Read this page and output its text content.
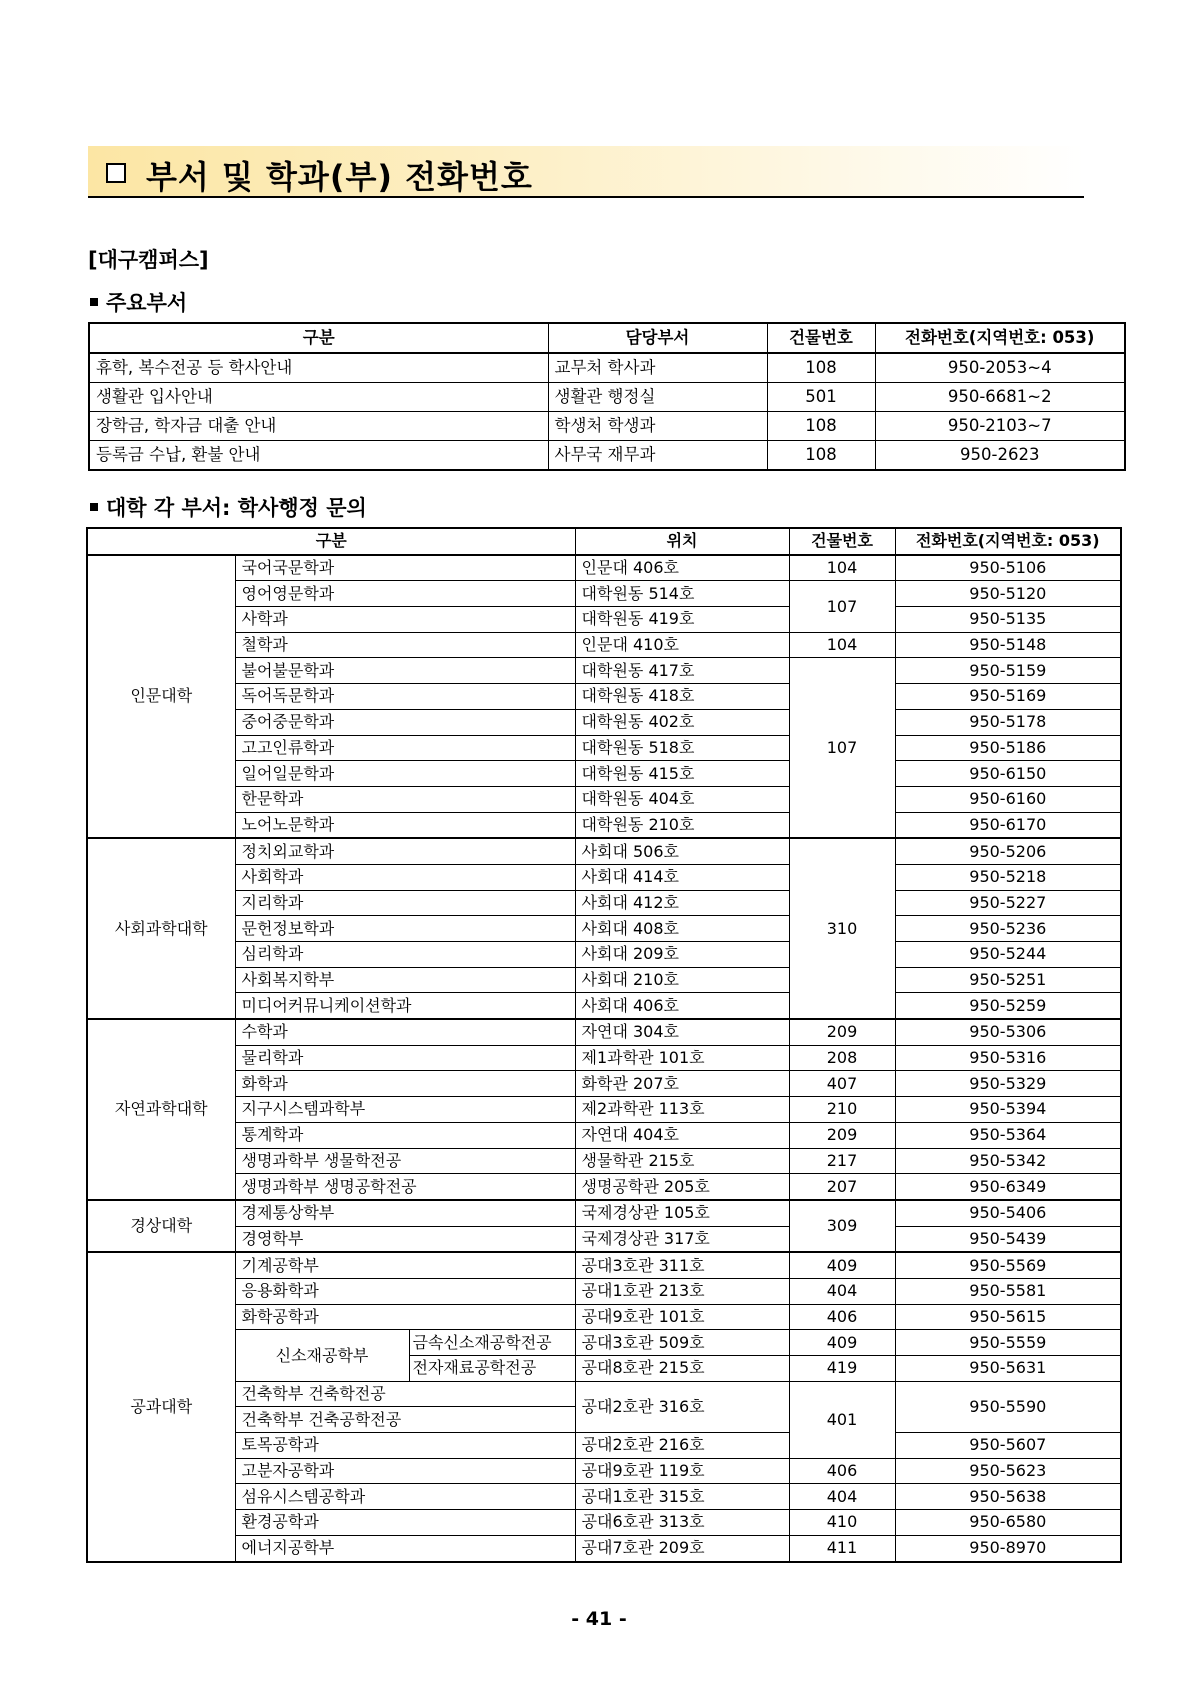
부서 및 학과(부) 전화번호
[대구캠퍼스]
주요부서
구분	담당부서	건물번호	전화번호(지역번호: 053)
휴학, 복수전공 등 학사안내	교무처 학사과	108	950-2053~4
생활관 입사안내	생활관 행정실	501	950-6681~2
장학금, 학자금 대출 안내	학생처 학생과	108	950-2103~7
등록금 수납, 환불 안내	사무국 재무과	108	950-2623
대학 각 부서: 학사행정 문의
구분			위치	건물번호	전화번호(지역번호: 053)
인문대학	국어국문학과		인문대 406호	104	950-5106
	영어영문학과		대학원동 514호	107	950-5120
	사학과		대학원동 419호		950-5135
	철학과		인문대 410호	104	950-5148
	불어불문학과		대학원동 417호	107	950-5159
	독어독문학과		대학원동 418호		950-5169
	중어중문학과		대학원동 402호		950-5178
	고고인류학과		대학원동 518호		950-5186
	일어일문학과		대학원동 415호		950-6150
	한문학과		대학원동 404호		950-6160
	노어노문학과		대학원동 210호		950-6170
사회과학대학	정치외교학과		사회대 506호	310	950-5206
	사회학과		사회대 414호		950-5218
	지리학과		사회대 412호		950-5227
	문헌정보학과		사회대 408호		950-5236
	심리학과		사회대 209호		950-5244
	사회복지학부		사회대 210호		950-5251
	미디어커뮤니케이션학과		사회대 406호		950-5259
자연과학대학	수학과		자연대 304호	209	950-5306
	물리학과		제1과학관 101호	208	950-5316
	화학과		화학관 207호	407	950-5329
	지구시스템과학부		제2과학관 113호	210	950-5394
	통계학과		자연대 404호	209	950-5364
	생명과학부 생물학전공		생물학관 215호	217	950-5342
	생명과학부 생명공학전공		생명공학관 205호	207	950-6349
경상대학	경제통상학부		국제경상관 105호	309	950-5406
	경영학부		국제경상관 317호		950-5439
공과대학	기계공학부		공대3호관 311호	409	950-5569
	응용화학과		공대1호관 213호	404	950-5581
	화학공학과		공대9호관 101호	406	950-5615
	신소재공학부	금속신소재공학전공	공대3호관 509호	409	950-5559
		전자재료공학전공	공대8호관 215호	419	950-5631
	건축학부 건축학전공		공대2호관 316호	401	950-5590
	건축학부 건축공학전공				
	토목공학과		공대2호관 216호		950-5607
	고분자공학과		공대9호관 119호	406	950-5623
	섬유시스템공학과		공대1호관 315호	404	950-5638
	환경공학과		공대6호관 313호	410	950-6580
	에너지공학부		공대7호관 209호	411	950-8970
- 41 -
